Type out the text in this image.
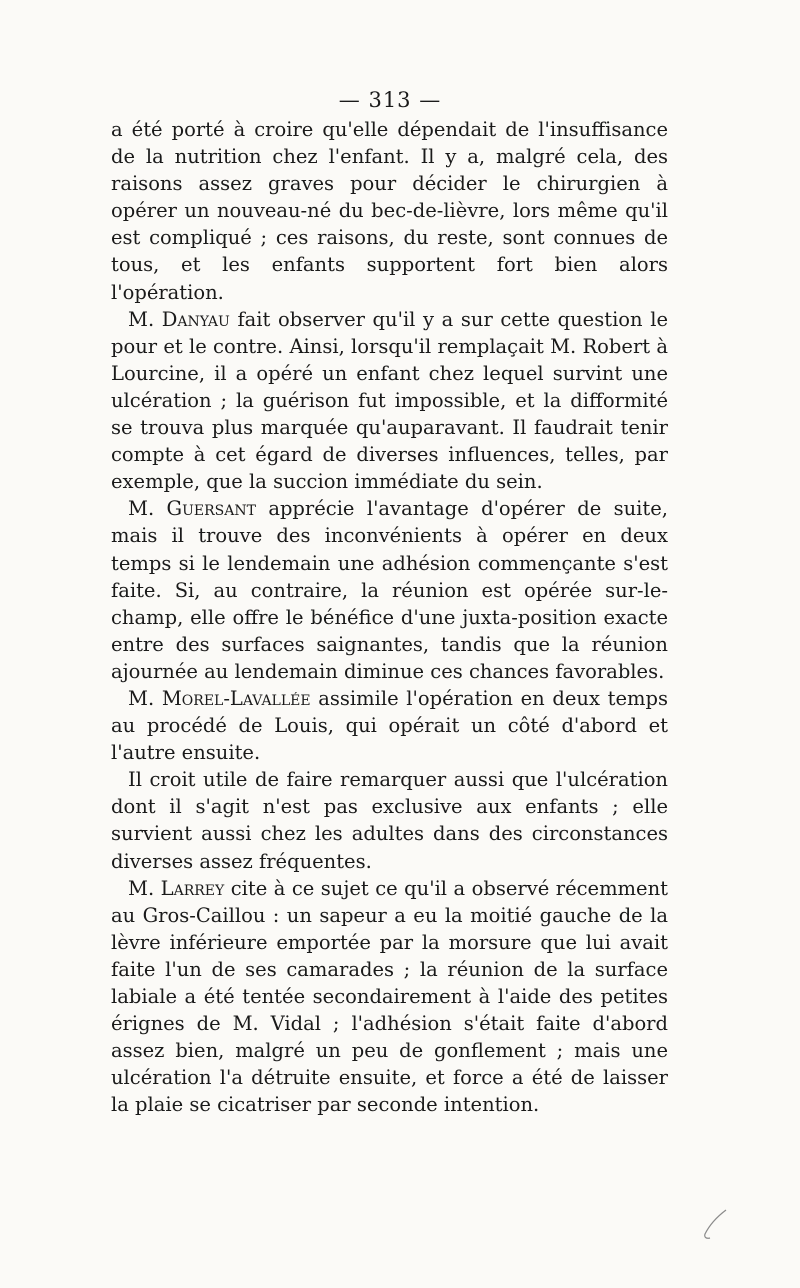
— 313 —

a été porté à croire qu'elle dépendait de l'insuffisance de la nutrition chez l'enfant. Il y a, malgré cela, des raisons assez graves pour décider le chirurgien à opérer un nouveau-né du bec-de-lièvre, lors même qu'il est compliqué ; ces raisons, du reste, sont connues de tous, et les enfants supportent fort bien alors l'opération.

M. Danyau fait observer qu'il y a sur cette question le pour et le contre. Ainsi, lorsqu'il remplaçait M. Robert à Lourcine, il a opéré un enfant chez lequel survint une ulcération ; la guérison fut impossible, et la difformité se trouva plus marquée qu'auparavant. Il faudrait tenir compte à cet égard de diverses influences, telles, par exemple, que la succion immédiate du sein.

M. Guersant apprécie l'avantage d'opérer de suite, mais il trouve des inconvénients à opérer en deux temps si le lendemain une adhésion commençante s'est faite. Si, au contraire, la réunion est opérée sur-le-champ, elle offre le bénéfice d'une juxta-position exacte entre des surfaces saignantes, tandis que la réunion ajournée au lendemain diminue ces chances favorables.

M. Morel-Lavallée assimile l'opération en deux temps au procédé de Louis, qui opérait un côté d'abord et l'autre ensuite.

Il croit utile de faire remarquer aussi que l'ulcération dont il s'agit n'est pas exclusive aux enfants ; elle survient aussi chez les adultes dans des circonstances diverses assez fréquentes.

M. Larrey cite à ce sujet ce qu'il a observé récemment au Gros-Caillou : un sapeur a eu la moitié gauche de la lèvre inférieure emportée par la morsure que lui avait faite l'un de ses camarades ; la réunion de la surface labiale a été tentée secondairement à l'aide des petites érignes de M. Vidal ; l'adhésion s'était faite d'abord assez bien, malgré un peu de gonflement ; mais une ulcération l'a détruite ensuite, et force a été de laisser la plaie se cicatriser par seconde intention.
